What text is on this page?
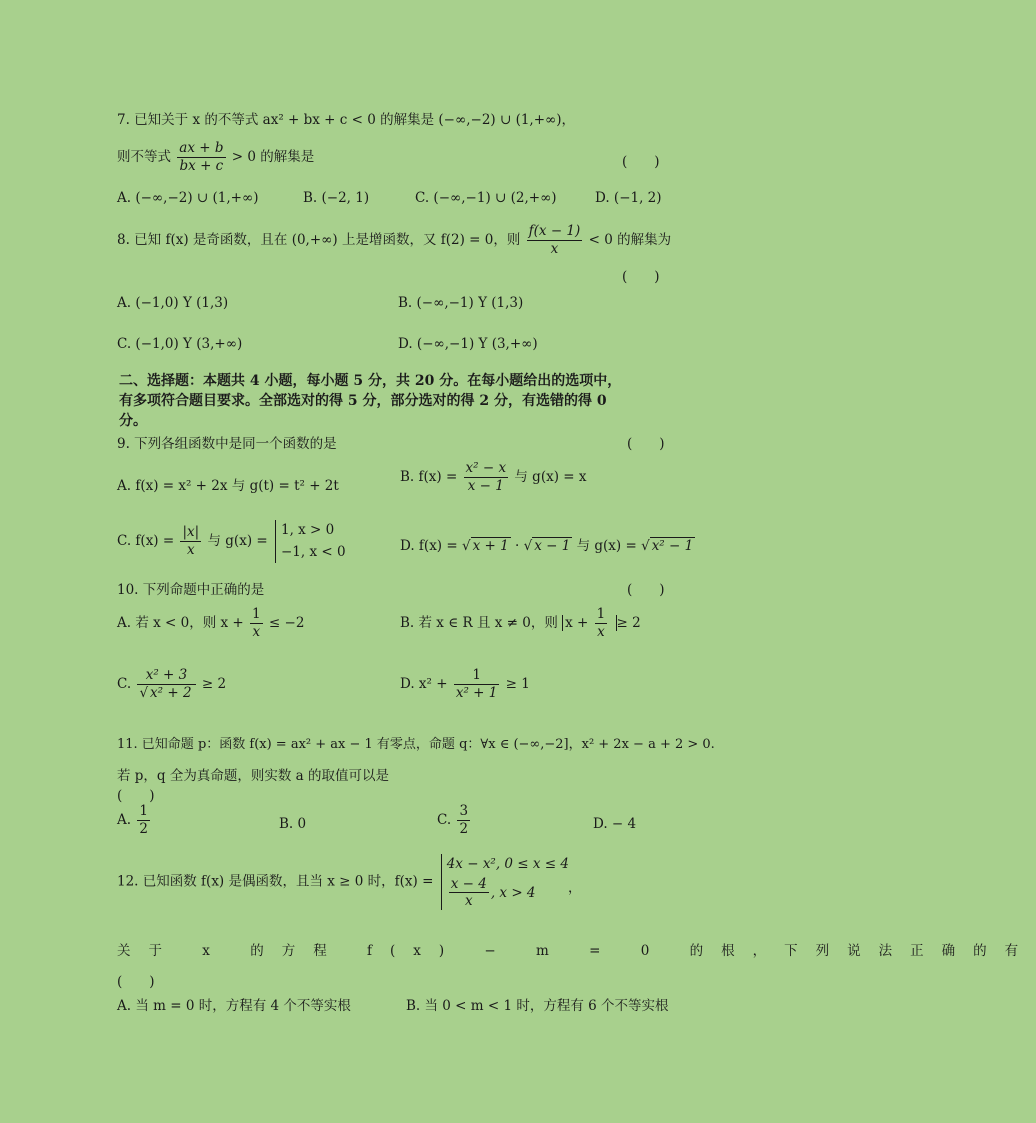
7. 已知关于 x 的不等式 ax² + bx + c < 0 的解集是 (−∞,−2) ∪ (1,+∞)，
则不等式 $\frac{ax + b}{bx + c} > 0$ 的解集是	(　　)
A. (−∞,−2) ∪ (1,+∞)	B. (−2, 1)	C. (−∞,−1) ∪ (2,+∞)	D. (−1, 2)
8. 已知 f(x) 是奇函数，且在 (0,+∞) 上是增函数，又 f(2) = 0，则 $\frac{f(x - 1)}{x} < 0$ 的解集为
(　　)
A. (−1,0) Y (1,3)	B. (−∞,−1) Y (1,3)
C. (−1,0) Y (3,+∞)	D. (−∞,−1) Y (3,+∞)
二、选择题：本题共 4 小题，每小题 5 分，共 20 分。在每小题给出的选项中，
有多项符合题目要求。全部选对的得 5 分，部分选对的得 2 分，有选错的得 0
分。
9. 下列各组函数中是同一个函数的是	(　　)
A. f(x) = x² + 2x 与 g(t) = t² + 2t
B. $f(x) = \frac{\text{x² − x}}{x - 1}$ 与 g(x) = x
C. $f(x) = \frac{|x|}{x}$ 与 g(x) =
1, x > 0
−1, x < 0	D. f(x) = √ x + 1 · √ x − 1 与 g(x) = √ x² − 1
10. 下列命题中正确的是	(　　)
A. 若 x < 0，则 $x + \frac{1}{x} \le -2$	B. 若 x ∈ R 且 x ≠ 0，则 $x + \frac{1}{x} \ge 2$
C. $\frac{\text{x² + 3}}{\text{√ x² + 2}} \ge 2$	D. $x^2 + \frac{1}{\text{x² + 1}} \ge 1$
11. 已知命题 p：函数 f(x) = ax² + ax − 1 有零点，命题 q：∀x ∈ (−∞,−2]，x² + 2x − a + 2 > 0.
若 p，q 全为真命题，则实数 a 的取值可以是
(　　)
A. $\frac{1}{2}$	B. 0	C. $\frac{3}{2}$	D. − 4
12. 已知函数 f(x) 是偶函数，且当 x ≥ 0 时，f(x) =
4x − x², 0 ≤ x ≤ 4
$\frac{x - 4}{x}$ , x > 4	，
关于 x 的方程 f(x) − m = 0 的根，下列说法正确的有
(　　)
A. 当 m = 0 时，方程有 4 个不等实根	B. 当 0 < m < 1 时，方程有 6 个不等实根
